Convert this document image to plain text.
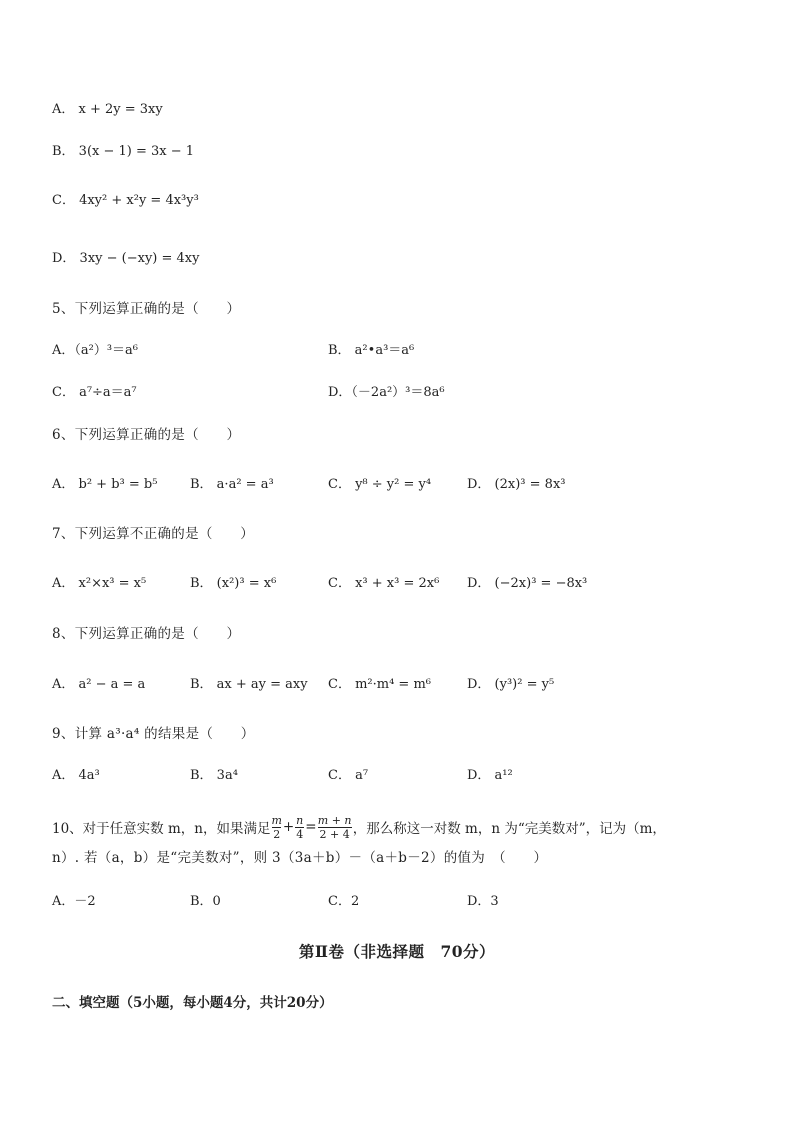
A． x + 2y = 3xy
B． 3(x − 1) = 3x − 1
C． 4xy² + x²y = 4x³y³
D． 3xy − (−xy) = 4xy
5、下列运算正确的是（　　）
A．（a²）³＝a⁶	B． a²•a³＝a⁶
C． a⁷÷a＝a⁷	D．（－2a²）³＝8a⁶
6、下列运算正确的是（　　）
A． b² + b³ = b⁵	B． a·a² = a³	C． y⁸ ÷ y² = y⁴	D． (2x)³ = 8x³
7、下列运算不正确的是（　　）
A． x²×x³ = x⁵	B． (x²)³ = x⁶	C． x³ + x³ = 2x⁶ D． (−2x)³ = −8x³
8、下列运算正确的是（　　）
A． a² − a = a	B． ax + ay = axy C． m²·m⁴ = m⁶	D． (y³)² = y⁵
9、计算 a³·a⁴ 的结果是（　　）
A． 4a³	B． 3a⁴	C． a⁷	D． a¹²
10、对于任意实数 m，n，如果满足 $\frac{m}{2} + \frac{n}{4} = \frac{m + n}{2 + 4}$ ，那么称这一对数 m，n 为“完美数对”，记为（m，
n）. 若（a，b）是“完美数对”，则 3（3a＋b）－（a＋b－2）的值为　（　　）
A．－2	B．0	C．2	D．3
第Ⅱ卷（非选择题　70分）
二、填空题（5小题，每小题4分，共计20分）
